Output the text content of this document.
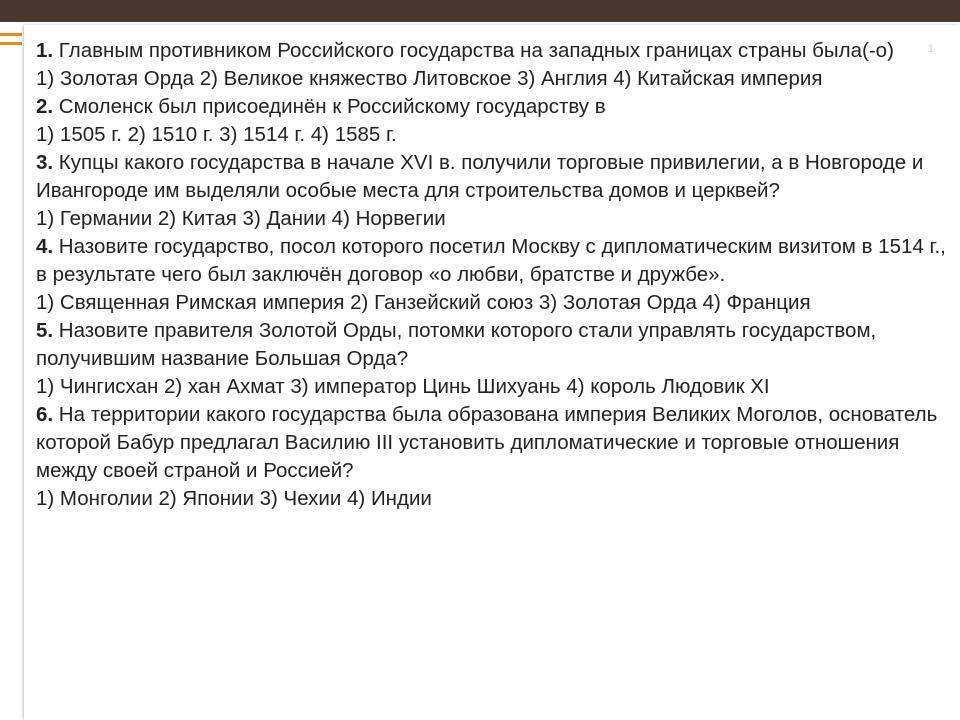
1

1. Главным противником Российского государства на западных границах страны была(-о)

1) Золотая Орда 2) Великое княжество Литовское 3) Англия 4) Китайская империя

2. Смоленск был присоединён к Российскому государству в

1) 1505 г. 2) 1510 г. 3) 1514 г. 4) 1585 г.

3. Купцы какого государства в начале XVI в. получили торговые привилегии, а в Новгороде и Ивангороде им выделяли особые места для строительства домов и церквей?

1) Германии 2) Китая 3) Дании 4) Норвегии

4. Назовите государство, посол которого посетил Москву с дипломатическим визитом в 1514 г., в результате чего был заключён договор «о любви, братстве и дружбе».

1) Священная Римская империя 2) Ганзейский союз 3) Золотая Орда 4) Франция

5. Назовите правителя Золотой Орды, потомки которого стали управлять государством, получившим название Большая Орда?

1) Чингисхан 2) хан Ахмат 3) император Цинь Шихуань 4) король Людовик XI

6. На территории какого государства была образована империя Великих Моголов, основатель которой Бабур предлагал Василию III установить дипломатические и торговые отношения между своей страной и Россией?

1) Монголии 2) Японии 3) Чехии 4) Индии
